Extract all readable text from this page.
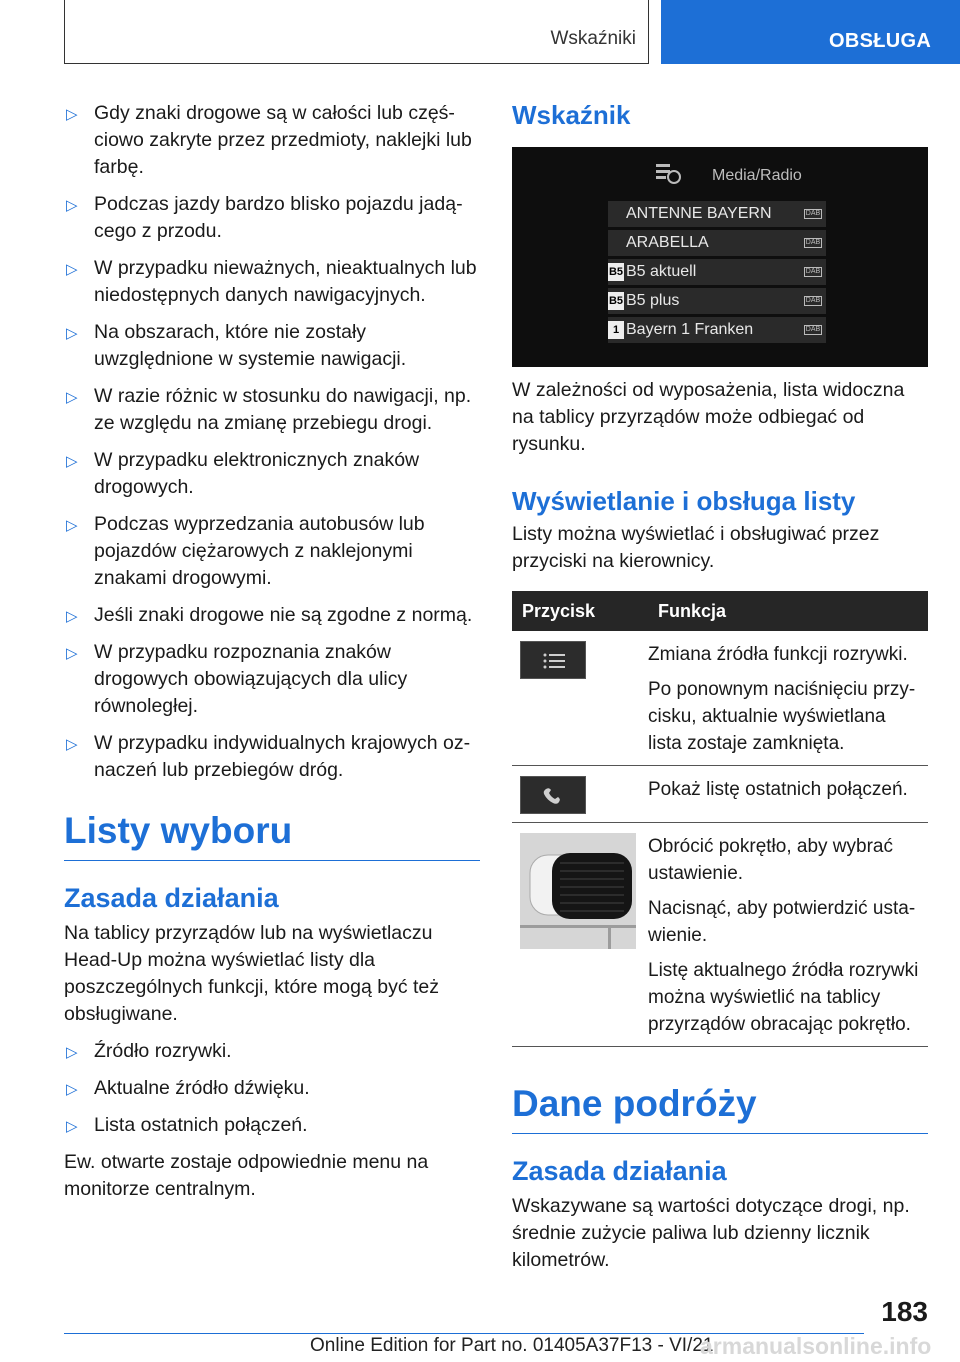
Wskaźniki	OBSŁUGA
▷ Gdy znaki drogowe są w całości lub częściowo zakryte przez przedmioty, naklejki lub farbę.
▷ Podczas jazdy bardzo blisko pojazdu jadącego z przodu.
▷ W przypadku nieważnych, nieaktualnych lub niedostępnych danych nawigacyjnych.
▷ Na obszarach, które nie zostały uwzględnione w systemie nawigacji.
▷ W razie różnic w stosunku do nawigacji, np. ze względu na zmianę przebiegu drogi.
▷ W przypadku elektronicznych znaków drogowych.
▷ Podczas wyprzedzania autobusów lub pojazdów ciężarowych z naklejonymi znakami drogowymi.
▷ Jeśli znaki drogowe nie są zgodne z normą.
▷ W przypadku rozpoznania znaków drogowych obowiązujących dla ulicy równoległej.
▷ W przypadku indywidualnych krajowych oznaczeń lub przebiegów dróg.
Listy wyboru
Zasada działania
Na tablicy przyrządów lub na wyświetlaczu Head-Up można wyświetlać listy dla poszczególnych funkcji, które mogą być też obsługiwane.
▷ Źródło rozrywki.
▷ Aktualne źródło dźwięku.
▷ Lista ostatnich połączeń.
Ew. otwarte zostaje odpowiednie menu na monitorze centralnym.
Wskaźnik
Media/Radio
ANTENNE BAYERN	DAB
ARABELLA	DAB
B5 B5 aktuell	DAB
B5 B5 plus	DAB
1 Bayern 1 Franken	DAB
W zależności od wyposażenia, lista widoczna na tablicy przyrządów może odbiegać od rysunku.
Wyświetlanie i obsługa listy
Listy można wyświetlać i obsługiwać przez przyciski na kierownicy.
Przycisk	Funkcja

Zmiana źródła funkcji rozrywki.
Po ponownym naciśnięciu przycisku, aktualnie wyświetlana lista zostaje zamknięta.

Pokaż listę ostatnich połączeń.

Obrócić pokrętło, aby wybrać ustawienie.
Nacisnąć, aby potwierdzić ustawienie.
Listę aktualnego źródła rozrywki można wyświetlić na tablicy przyrządów obracając pokrętło.
Dane podróży
Zasada działania
Wskazywane są wartości dotyczące drogi, np. średnie zużycie paliwa lub dzienny licznik kilometrów.
183
Online Edition for Part no. 01405A37F13 - VI/21
armanualsonline.info
